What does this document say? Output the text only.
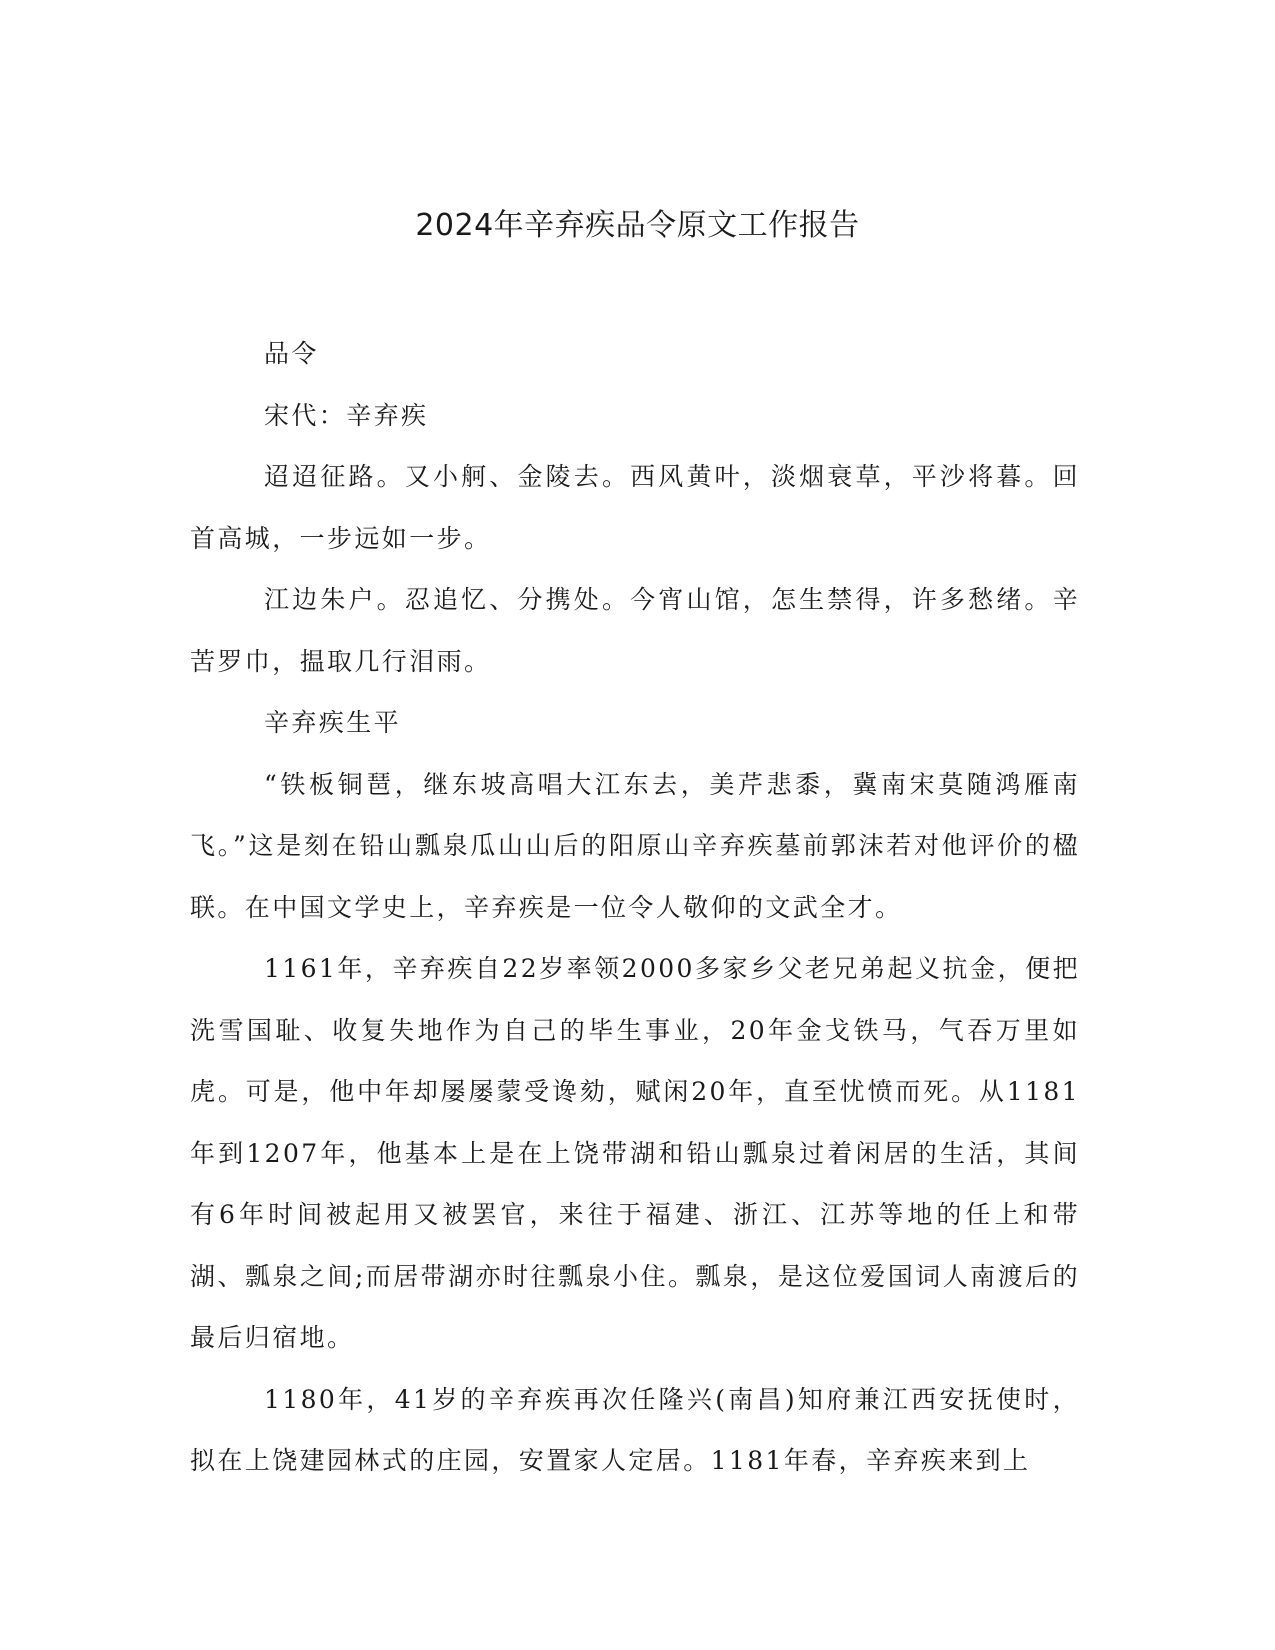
2024年辛弃疾品令原文工作报告

品令

宋代：辛弃疾

迢迢征路。又小舸、金陵去。西风黄叶，淡烟衰草，平沙将暮。回首高城，一步远如一步。

江边朱户。忍追忆、分携处。今宵山馆，怎生禁得，许多愁绪。辛苦罗巾，揾取几行泪雨。

辛弃疾生平

“铁板铜琶，继东坡高唱大江东去，美芹悲黍，冀南宋莫随鸿雁南飞。”这是刻在铅山瓢泉瓜山山后的阳原山辛弃疾墓前郭沫若对他评价的楹联。在中国文学史上，辛弃疾是一位令人敬仰的文武全才。

1161年，辛弃疾自22岁率领2000多家乡父老兄弟起义抗金，便把洗雪国耻、收复失地作为自己的毕生事业，20年金戈铁马，气吞万里如虎。可是，他中年却屡屡蒙受谗劾，赋闲20年，直至忧愤而死。从1181年到1207年，他基本上是在上饶带湖和铅山瓢泉过着闲居的生活，其间有6年时间被起用又被罢官，来往于福建、浙江、江苏等地的任上和带湖、瓢泉之间;而居带湖亦时往瓢泉小住。瓢泉，是这位爱国词人南渡后的最后归宿地。

1180年，41岁的辛弃疾再次任隆兴(南昌)知府兼江西安抚使时，拟在上饶建园林式的庄园，安置家人定居。1181年春，辛弃疾来到上
